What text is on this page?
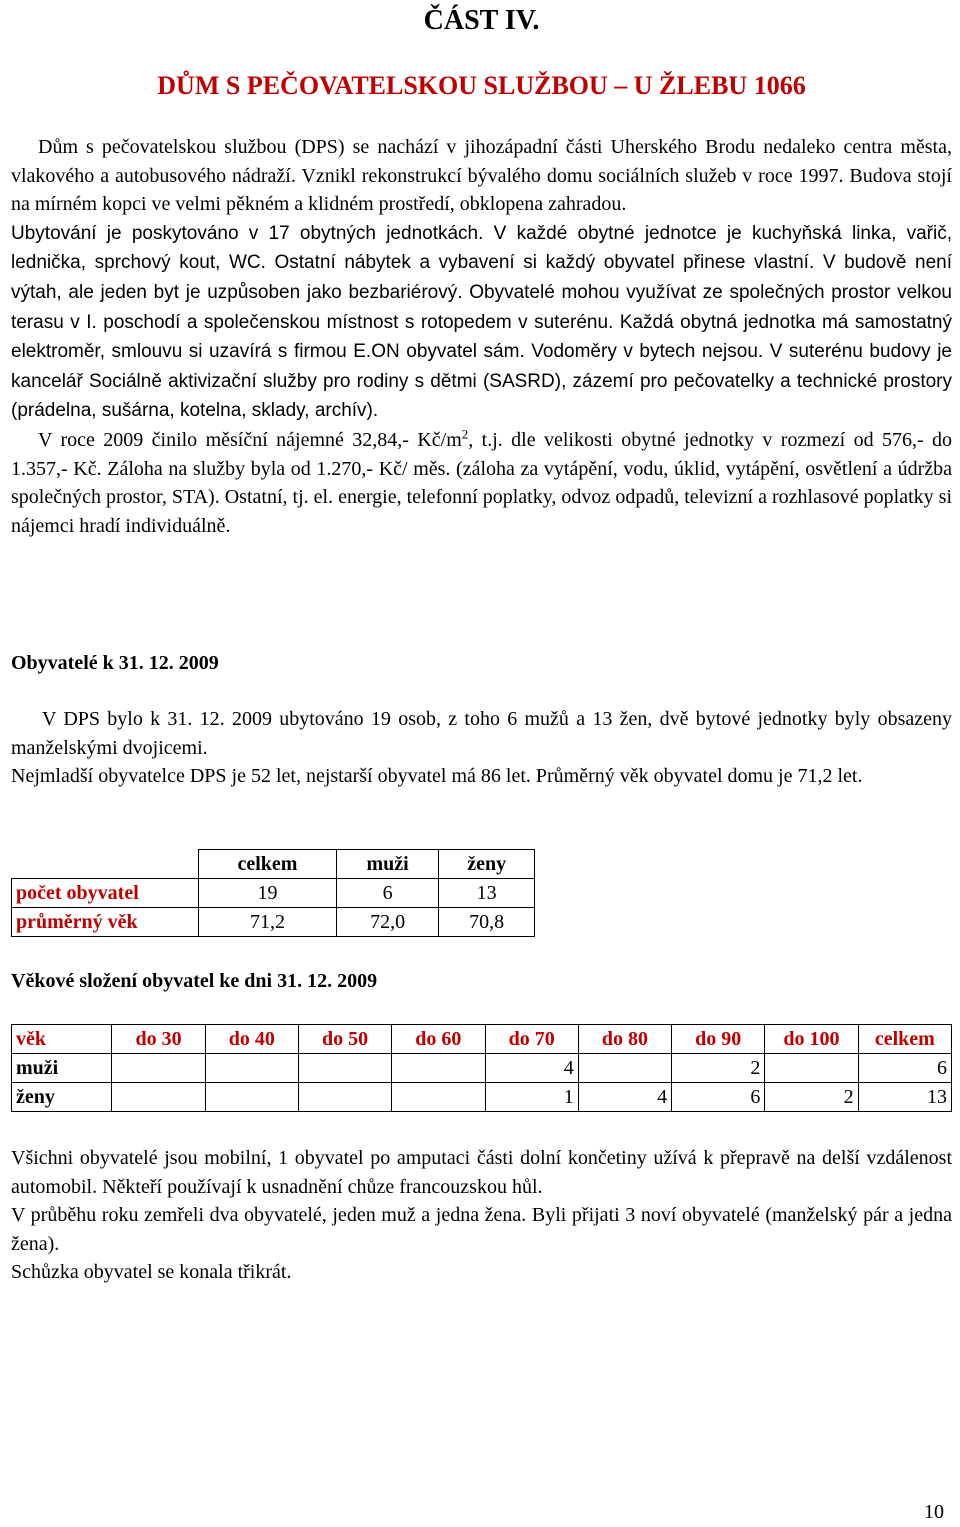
ČÁST IV.
DŮM S PEČOVATELSKOU SLUŽBOU – U ŽLEBU 1066

Dům s pečovatelskou službou (DPS) se nachází v jihozápadní části Uherského Brodu nedaleko centra města, vlakového a autobusového nádraží. Vznikl rekonstrukcí bývalého domu sociálních služeb v roce 1997. Budova stojí na mírném kopci ve velmi pěkném a klidném prostředí, obklopena zahradou.
Ubytování je poskytováno v 17 obytných jednotkách. V každé obytné jednotce je kuchyňská linka, vařič, lednička, sprchový kout, WC. Ostatní nábytek a vybavení si každý obyvatel přinese vlastní. V budově není výtah, ale jeden byt je uzpůsoben jako bezbariérový. Obyvatelé mohou využívat ze společných prostor velkou terasu v I. poschodí a společenskou místnost s rotopedem v suterénu. Každá obytná jednotka má samostatný elektroměr, smlouvu si uzavírá s firmou E.ON obyvatel sám. Vodoměry v bytech nejsou. V suterénu budovy je kancelář Sociálně aktivizační služby pro rodiny s dětmi (SASRD), zázemí pro pečovatelky a technické prostory (prádelna, sušárna, kotelna, sklady, archív).
V roce 2009 činilo měsíční nájemné 32,84,- $Kč/m^2$, t.j. dle velikosti obytné jednotky v rozmezí od 576,- do 1.357,- Kč. Záloha na služby byla od 1.270,- Kč/ měs. (záloha za vytápění, vodu, úklid, vytápění, osvětlení a údržba společných prostor, STA). Ostatní, tj. el. energie, telefonní poplatky, odvoz odpadů, televizní a rozhlasové poplatky si nájemci hradí individuálně.

Obyvatelé k 31. 12. 2009

V DPS bylo k 31. 12. 2009 ubytováno 19 osob, z toho 6 mužů a 13 žen, dvě bytové jednotky byly obsazeny manželskými dvojicemi.
Nejmladší obyvatelce DPS je 52 let, nejstarší obyvatel má 86 let. Průměrný věk obyvatel domu je 71,2 let.

	celkem	muži	ženy
počet obyvatel	19	6	13
průměrný věk	71,2	72,0	70,8

Věkové složení obyvatel ke dni 31. 12. 2009

věk	do 30	do 40	do 50	do 60	do 70	do 80	do 90	do 100	celkem
muži					4		2		6
ženy					1	4	6	2	13

Všichni obyvatelé jsou mobilní, 1 obyvatel po amputaci části dolní končetiny užívá k přepravě na delší vzdálenost automobil. Někteří používají k usnadnění chůze francouzskou hůl.
V průběhu roku zemřeli dva obyvatelé, jeden muž a jedna žena. Byli přijati 3 noví obyvatelé (manželský pár a jedna žena).
Schůzka obyvatel se konala třikrát.

10
